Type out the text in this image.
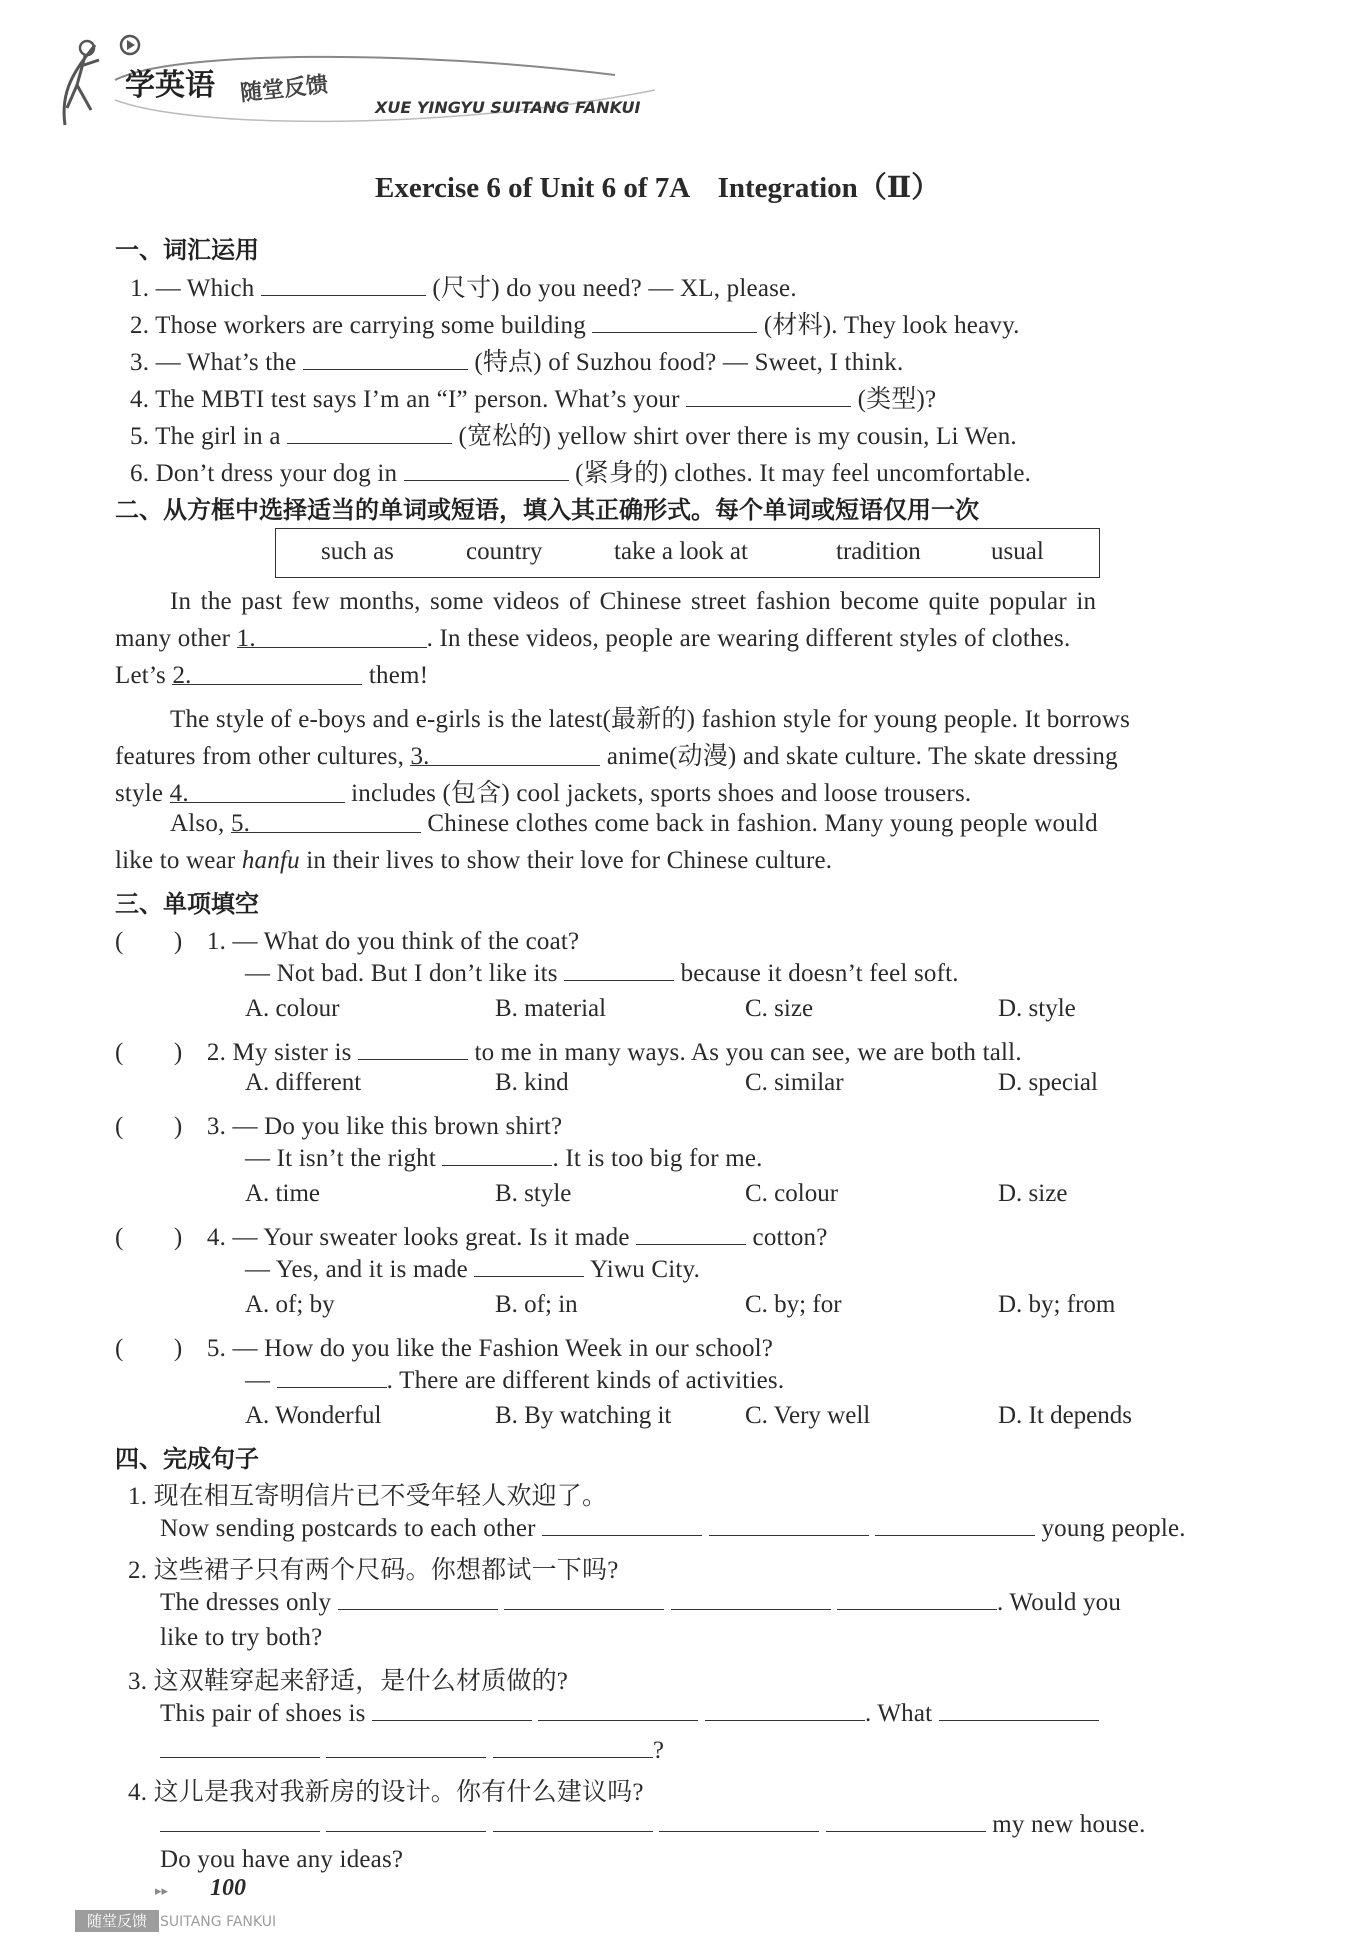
学英语 随堂反馈
XUE YINGYU SUITANG FANKUI
Exercise 6 of Unit 6 of 7A　Integration（Ⅱ）
一、词汇运用
1. — Which	(尺寸) do you need? — XL, please.
2. Those workers are carrying some building	(材料). They look heavy.
3. — What’s the	(特点) of Suzhou food? — Sweet, I think.
4. The MBTI test says I’m an “I” person. What’s your	(类型)?
5. The girl in a	(宽松的) yellow shirt over there is my cousin, Li Wen.
6. Don’t dress your dog in	(紧身的) clothes. It may feel uncomfortable.
二、从方框中选择适当的单词或短语，填入其正确形式。每个单词或短语仅用一次
such as	country	take a look at	tradition	usual
In the past few months, some videos of Chinese street fashion become quite popular in
many other 1.	. In these videos, people are wearing different styles of clothes.
Let’s 2.	them!
The style of e-boys and e-girls is the latest(最新的) fashion style for young people. It borrows
features from other cultures, 3.	anime(动漫) and skate culture. The skate dressing
style 4.	includes (包含) cool jackets, sports shoes and loose trousers.
Also, 5.	Chinese clothes come back in fashion. Many young people would
like to wear hanfu in their lives to show their love for Chinese culture.
三、单项填空
(　　) 1. — What do you think of the coat?
— Not bad. But I don’t like its	because it doesn’t feel soft.
A. colour	B. material	C. size	D. style
(　　) 2. My sister is	to me in many ways. As you can see, we are both tall.
A. different	B. kind	C. similar	D. special
(　　) 3. — Do you like this brown shirt?
— It isn’t the right	. It is too big for me.
A. time	B. style	C. colour	D. size
(　　) 4. — Your sweater looks great. Is it made	cotton?
— Yes, and it is made	Yiwu City.
A. of; by	B. of; in	C. by; for	D. by; from
(　　) 5. — How do you like the Fashion Week in our school?
—	. There are different kinds of activities.
A. Wonderful	B. By watching it	C. Very well	D. It depends
四、完成句子
1. 现在相互寄明信片已不受年轻人欢迎了。
Now sending postcards to each other	young people.
2. 这些裙子只有两个尺码。你想都试一下吗?
The dresses only	. Would you
like to try both?
3. 这双鞋穿起来舒适，是什么材质做的?
This pair of shoes is	. What
?
4. 这儿是我对我新房的设计。你有什么建议吗?
my new house.
Do you have any ideas?
▸▸ 100
随堂反馈 SUITANG FANKUI
